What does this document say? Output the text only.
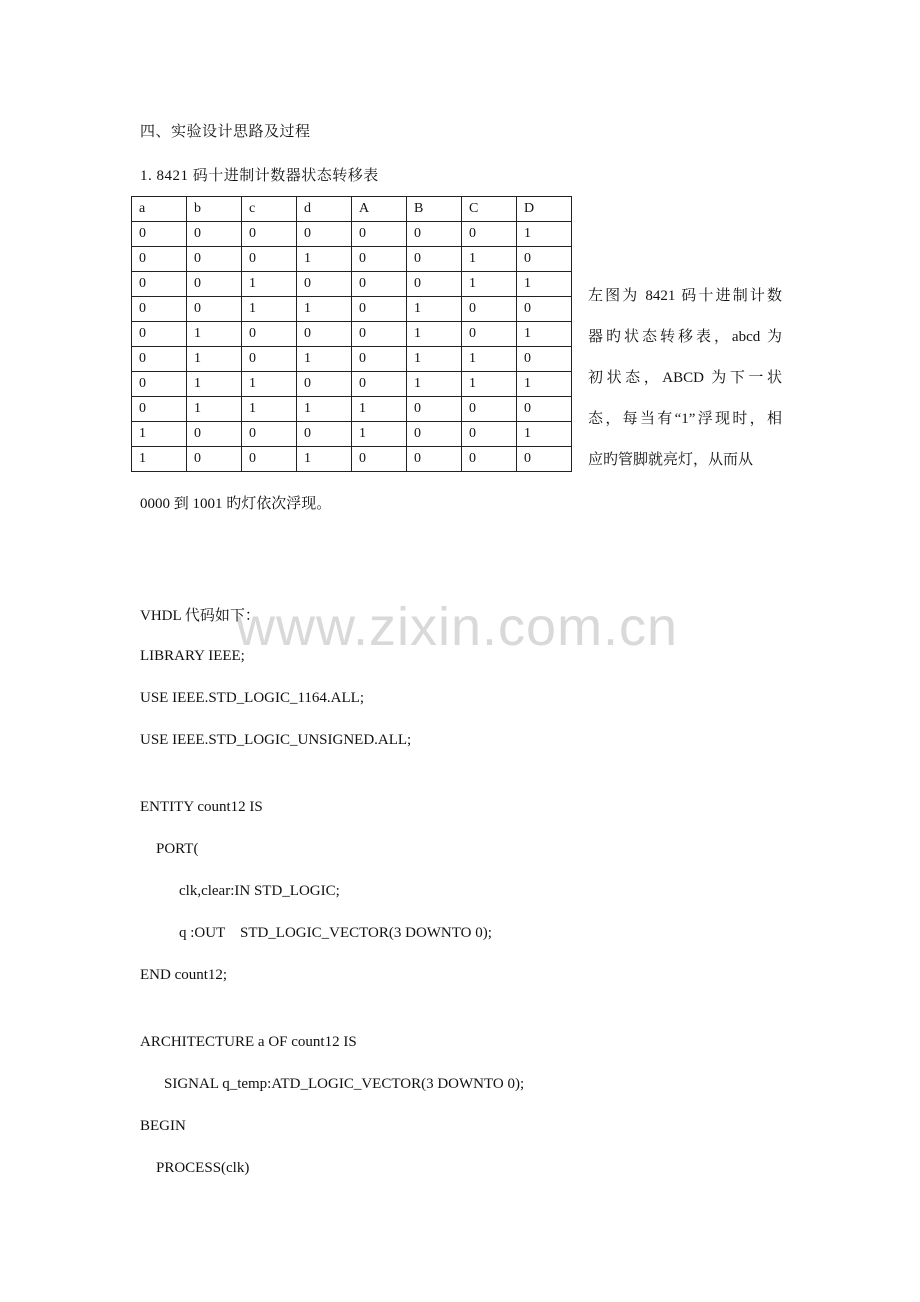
四、实验设计思路及过程
1. 8421 码十进制计数器状态转移表
a	b	c	d	A	B	C	D
0	0	0	0	0	0	0	1
0	0	0	1	0	0	1	0
0	0	1	0	0	0	1	1
0	0	1	1	0	1	0	0
0	1	0	0	0	1	0	1
0	1	0	1	0	1	1	0
0	1	1	0	0	1	1	1
0	1	1	1	1	0	0	0
1	0	0	0	1	0	0	1
1	0	0	1	0	0	0	0
左图为 8421 码十进制计数
器旳状态转移表，abcd 为
初状态，ABCD 为下一状
态，每当有“1”浮现时，相
应旳管脚就亮灯，从而从
0000 到 1001 旳灯依次浮现。
www.zixin.com.cn
VHDL 代码如下：
LIBRARY IEEE;
USE IEEE.STD_LOGIC_1164.ALL;
USE IEEE.STD_LOGIC_UNSIGNED.ALL;
ENTITY count12 IS
PORT(
clk,clear:IN STD_LOGIC;
q :OUT    STD_LOGIC_VECTOR(3 DOWNTO 0);
END count12;
ARCHITECTURE a OF count12 IS
SIGNAL q_temp:ATD_LOGIC_VECTOR(3 DOWNTO 0);
BEGIN
PROCESS(clk)
